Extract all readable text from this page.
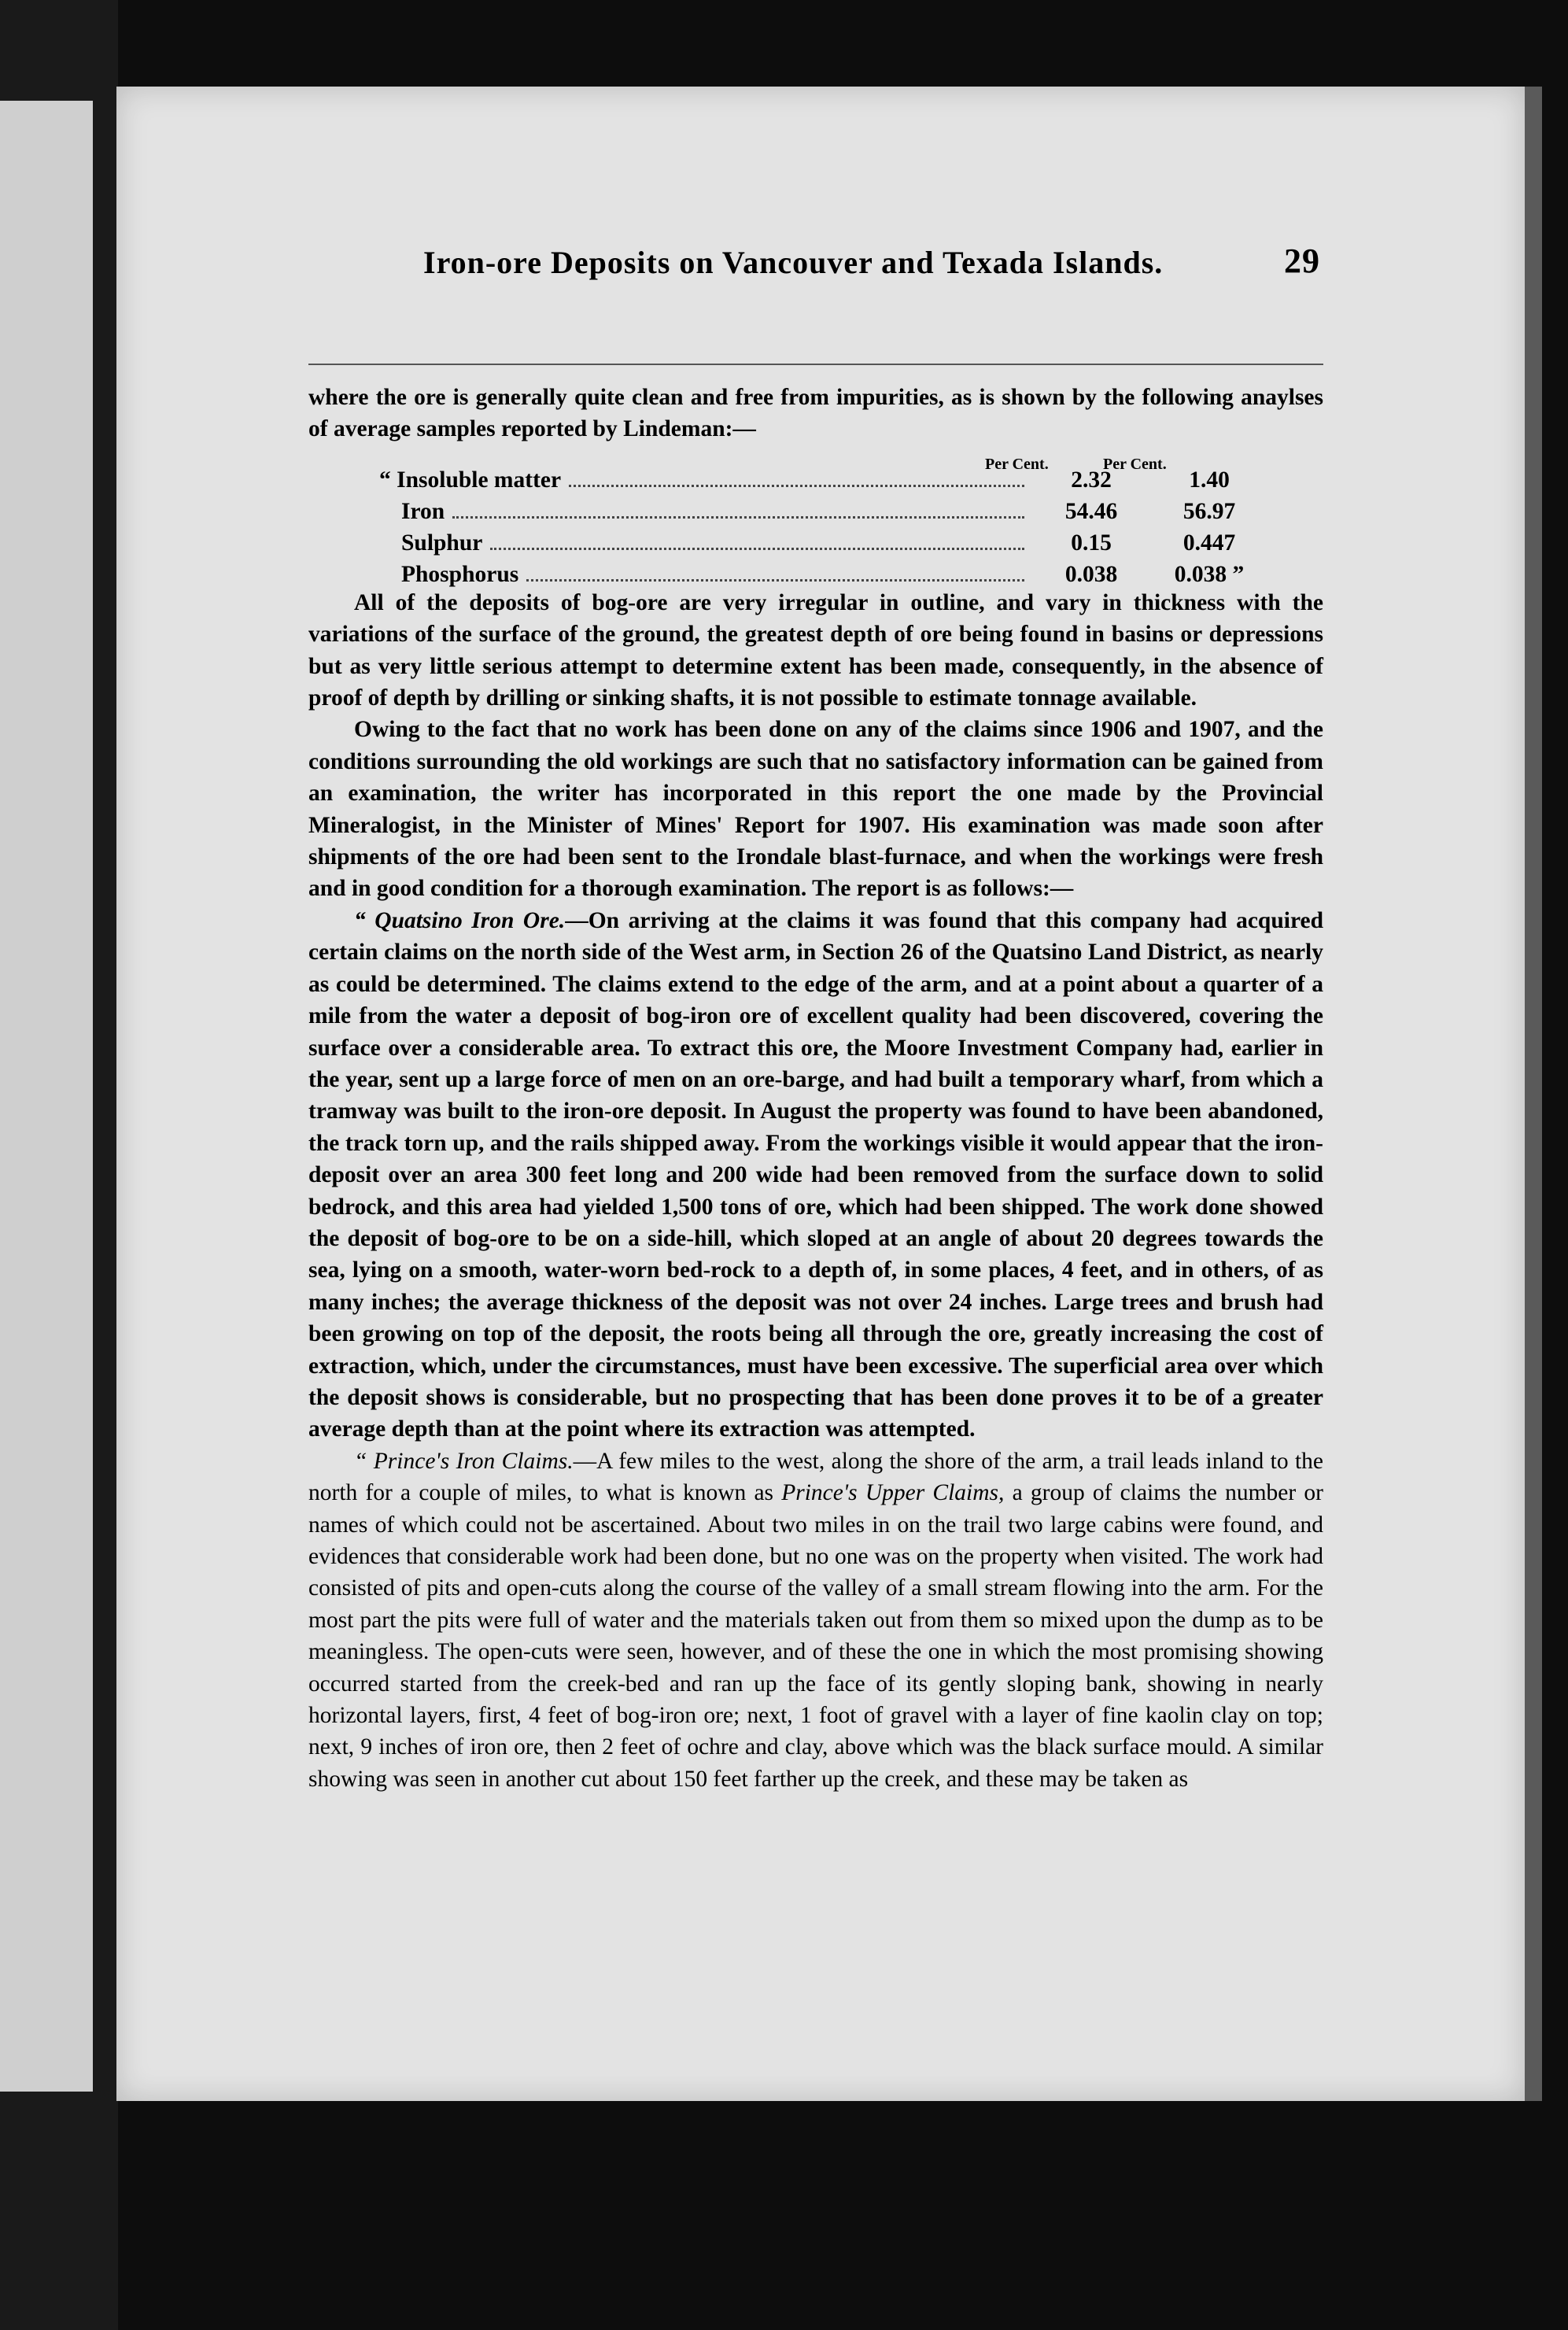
Iron-ore Deposits on Vancouver and Texada Islands.	29

where the ore is generally quite clean and free from impurities, as is shown by the following anaylses of average samples reported by Lindeman:—

Per Cent.	Per Cent.
“ Insoluble matter	2.32	1.40
Iron	54.46	56.97
Sulphur	0.15	0.447
Phosphorus	0.038	0.038 ”

All of the deposits of bog-ore are very irregular in outline, and vary in thickness with the variations of the surface of the ground, the greatest depth of ore being found in basins or depressions but as very little serious attempt to determine extent has been made, consequently, in the absence of proof of depth by drilling or sinking shafts, it is not possible to estimate tonnage available.

Owing to the fact that no work has been done on any of the claims since 1906 and 1907, and the conditions surrounding the old workings are such that no satisfactory information can be gained from an examination, the writer has incorporated in this report the one made by the Provincial Mineralogist, in the Minister of Mines' Report for 1907. His examination was made soon after shipments of the ore had been sent to the Irondale blast-furnace, and when the workings were fresh and in good condition for a thorough examination. The report is as follows:—

“ Quatsino Iron Ore.—On arriving at the claims it was found that this company had acquired certain claims on the north side of the West arm, in Section 26 of the Quatsino Land District, as nearly as could be determined. The claims extend to the edge of the arm, and at a point about a quarter of a mile from the water a deposit of bog-iron ore of excellent quality had been discovered, covering the surface over a considerable area. To extract this ore, the Moore Investment Company had, earlier in the year, sent up a large force of men on an ore-barge, and had built a temporary wharf, from which a tramway was built to the iron-ore deposit. In August the property was found to have been abandoned, the track torn up, and the rails shipped away. From the workings visible it would appear that the iron-deposit over an area 300 feet long and 200 wide had been removed from the surface down to solid bedrock, and this area had yielded 1,500 tons of ore, which had been shipped. The work done showed the deposit of bog-ore to be on a side-hill, which sloped at an angle of about 20 degrees towards the sea, lying on a smooth, water-worn bed-rock to a depth of, in some places, 4 feet, and in others, of as many inches; the average thickness of the deposit was not over 24 inches. Large trees and brush had been growing on top of the deposit, the roots being all through the ore, greatly increasing the cost of extraction, which, under the circumstances, must have been excessive. The superficial area over which the deposit shows is considerable, but no prospecting that has been done proves it to be of a greater average depth than at the point where its extraction was attempted.

“ Prince's Iron Claims.—A few miles to the west, along the shore of the arm, a trail leads inland to the north for a couple of miles, to what is known as Prince's Upper Claims, a group of claims the number or names of which could not be ascertained. About two miles in on the trail two large cabins were found, and evidences that considerable work had been done, but no one was on the property when visited. The work had consisted of pits and open-cuts along the course of the valley of a small stream flowing into the arm. For the most part the pits were full of water and the materials taken out from them so mixed upon the dump as to be meaningless. The open-cuts were seen, however, and of these the one in which the most promising showing occurred started from the creek-bed and ran up the face of its gently sloping bank, showing in nearly horizontal layers, first, 4 feet of bog-iron ore; next, 1 foot of gravel with a layer of fine kaolin clay on top; next, 9 inches of iron ore, then 2 feet of ochre and clay, above which was the black surface mould. A similar showing was seen in another cut about 150 feet farther up the creek, and these may be taken as
